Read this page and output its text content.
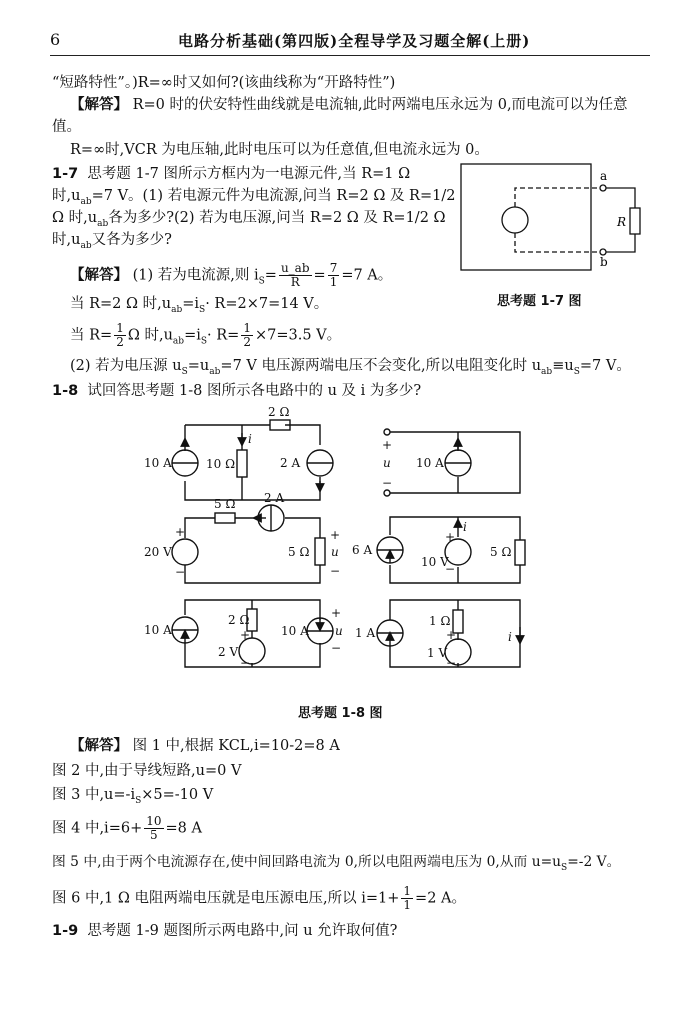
6	电路分析基础(第四版)全程导学及习题全解(上册)
“短路特性”。)R=∞时又如何?(该曲线称为“开路特性”)
【解答】 R=0 时的伏安特性曲线就是电流轴,此时两端电压永远为 0,而电流可以为任意
值。
R=∞时,VCR 为电压轴,此时电压可以为任意值,但电流永远为 0。
1-7 思考题 1-7 图所示方框内为一电源元件,当 R=1 Ω
时$,u_{ab}=7$ V。(1) 若电源元件为电流源,问当 R=2 Ω 及 R=1/2
Ω 时$,u_{ab}$各为多少?(2) 若为电压源,问当 R=2 Ω 及 R=1/2 Ω
时$,u_{ab}$又各为多少?
【解答】 (1) 若为电流源,则 $i_S= \frac{u\_ab}{R} = \frac{7}{1} =7$ A。
当 R=2 Ω 时$,u_{ab}=i_S\cdot R=2\times 7=14$ V。
当 $R= \frac{1}{2}$ Ω 时$,u_{ab}=i_S\cdot R= \frac{1}{2} \times 7=3.5$ V。
(2) 若为电压源 $u_S=u_{ab}=7$ V 电压源两端电压不会变化,所以电阻变化时 $u_{ab}\equiv u_S=7$ V。
1-8 试回答思考题 1-8 图所示各电路中的 u 及 i 为多少?
a
b
R
思考题 1-7 图
10 A	10 Ω
2 Ω
2 A
i	+
u
−
10 A
20 V
+
−
5 Ω 2 A
5 Ω u
+
−
6 A
10 V
+
−
i
5 Ω
10 A
2 Ω
+
2 V
−
10 A u
+
−
1 A
1 Ω
+
1 V
−
i
思考题 1-8 图
【解答】 图 1 中,根据 KCL,i=10-2=8 A
图 2 中,由于导线短路,u=0 V
图 3 中$,u=-i_S\times 5=-10$ V
图 4 中$,i=6+ \frac{10}{5} =8$ A
图 5 中,由于两个电流源存在,使中间回路电流为 0,所以电阻两端电压为 0,从而 $u=u_S=-2$ V。
图 6 中,1 Ω 电阻两端电压就是电压源电压,所以 $i=1+ \frac{1}{1} =2$ A。
1-9 思考题 1-9 题图所示两电路中,问 u 允许取何值?
